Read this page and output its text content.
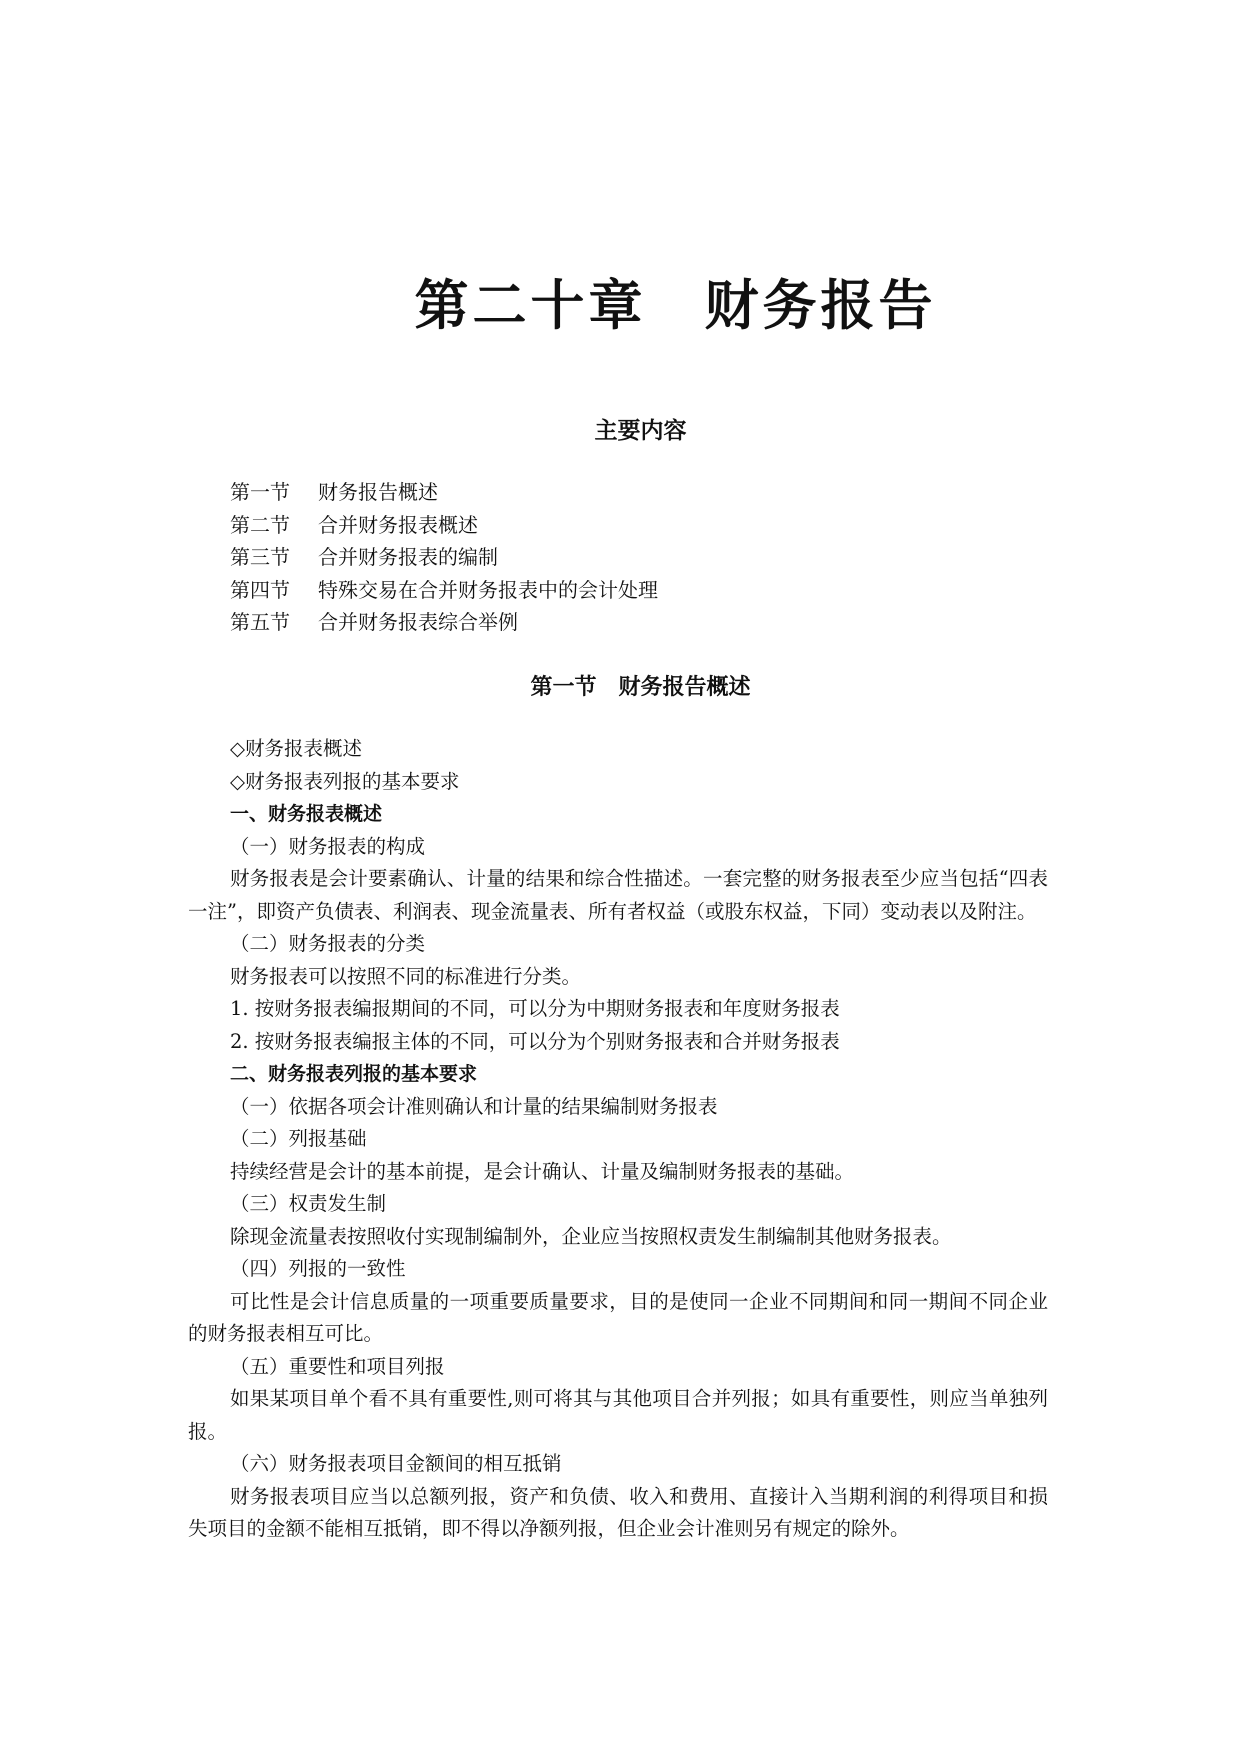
第二十章　财务报告
主要内容
第一节 财务报告概述
第二节 合并财务报表概述
第三节 合并财务报表的编制
第四节 特殊交易在合并财务报表中的会计处理
第五节 合并财务报表综合举例
第一节　财务报告概述

◇财务报表概述

◇财务报表列报的基本要求

一、财务报表概述

（一）财务报表的构成

财务报表是会计要素确认、计量的结果和综合性描述。一套完整的财务报表至少应当包括“四表一注”，即资产负债表、利润表、现金流量表、所有者权益（或股东权益，下同）变动表以及附注。

（二）财务报表的分类

财务报表可以按照不同的标准进行分类。

1. 按财务报表编报期间的不同，可以分为中期财务报表和年度财务报表

2. 按财务报表编报主体的不同，可以分为个别财务报表和合并财务报表

二、财务报表列报的基本要求

（一）依据各项会计准则确认和计量的结果编制财务报表

（二）列报基础

持续经营是会计的基本前提，是会计确认、计量及编制财务报表的基础。

（三）权责发生制

除现金流量表按照收付实现制编制外，企业应当按照权责发生制编制其他财务报表。

（四）列报的一致性

可比性是会计信息质量的一项重要质量要求，目的是使同一企业不同期间和同一期间不同企业的财务报表相互可比。

（五）重要性和项目列报

如果某项目单个看不具有重要性,则可将其与其他项目合并列报；如具有重要性，则应当单独列报。

（六）财务报表项目金额间的相互抵销

财务报表项目应当以总额列报，资产和负债、收入和费用、直接计入当期利润的利得项目和损失项目的金额不能相互抵销，即不得以净额列报，但企业会计准则另有规定的除外。
